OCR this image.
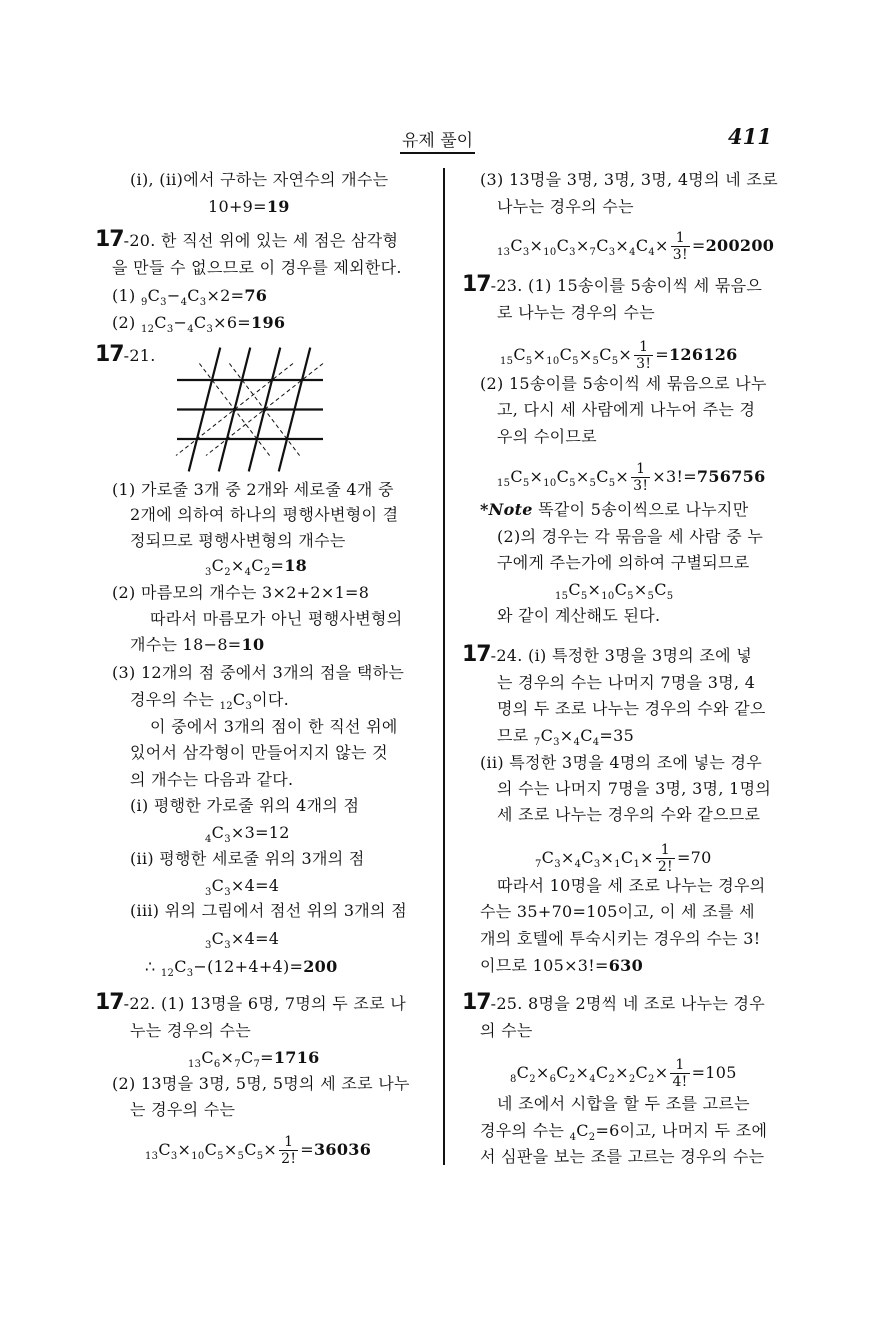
유제 풀이	411
(i), (ii)에서 구하는 자연수의 개수는
10+9=19
17-20. 한 직선 위에 있는 세 점은 삼각형
을 만들 수 없으므로 이 경우를 제외한다.
(1) $_9C_3-_4C_3\times 2=76$
(2) $_{12}C_3-_4C_3\times 6=196$
17-21.
(1) 가로줄 3개 중 2개와 세로줄 4개 중
2개에 의하여 하나의 평행사변형이 결
정되므로 평행사변형의 개수는
$_3C_2\times_4C_2=18$
(2) 마름모의 개수는 3×2+2×1=8
따라서 마름모가 아닌 평행사변형의
개수는 18−8=10
(3) 12개의 점 중에서 3개의 점을 택하는
경우의 수는 $_{12}C_3$이다.
이 중에서 3개의 점이 한 직선 위에
있어서 삼각형이 만들어지지 않는 것
의 개수는 다음과 같다.
(i) 평행한 가로줄 위의 4개의 점
$_4C_3\times 3=12$
(ii) 평행한 세로줄 위의 3개의 점
$_3C_3\times 4=4$
(iii) 위의 그림에서 점선 위의 3개의 점
$_3C_3\times 4=4$
∴ $_{12}C_3-(12+4+4)=200$
17-22. (1) 13명을 6명, 7명의 두 조로 나
누는 경우의 수는
$_{13}C_6\times_7C_7=1716$
(2) 13명을 3명, 5명, 5명의 세 조로 나누
는 경우의 수는
$_{13}C_3\times_{10}C_5\times_5C_5\times \frac{1}{2!} =36036$
(3) 13명을 3명, 3명, 3명, 4명의 네 조로
나누는 경우의 수는
$_{13}C_3\times_{10}C_3\times_7C_3\times_4C_4\times \frac{1}{3!} =200200$
17-23. (1) 15송이를 5송이씩 세 묶음으
로 나누는 경우의 수는
$_{15}C_5\times_{10}C_5\times_5C_5\times \frac{1}{3!} =126126$
(2) 15송이를 5송이씩 세 묶음으로 나누
고, 다시 세 사람에게 나누어 주는 경
우의 수이므로
$_{15}C_5\times_{10}C_5\times_5C_5\times \frac{1}{3!} \times 3!=756756$
*Note 똑같이 5송이씩으로 나누지만
(2)의 경우는 각 묶음을 세 사람 중 누
구에게 주는가에 의하여 구별되므로
$_{15}C_5\times_{10}C_5\times_5C_5$
와 같이 계산해도 된다.
17-24. (i) 특정한 3명을 3명의 조에 넣
는 경우의 수는 나머지 7명을 3명, 4
명의 두 조로 나누는 경우의 수와 같으
므로 $_7C_3\times_4C_4=35$
(ii) 특정한 3명을 4명의 조에 넣는 경우
의 수는 나머지 7명을 3명, 3명, 1명의
세 조로 나누는 경우의 수와 같으므로
$_7C_3\times_4C_3\times_1C_1\times \frac{1}{2!} =70$
따라서 10명을 세 조로 나누는 경우의
수는 35+70=105이고, 이 세 조를 세
개의 호텔에 투숙시키는 경우의 수는 3!
이므로 105×3!=630
17-25. 8명을 2명씩 네 조로 나누는 경우
의 수는
$_8C_2\times_6C_2\times_4C_2\times_2C_2\times \frac{1}{4!} =105$
네 조에서 시합을 할 두 조를 고르는
경우의 수는 $_4C_2=6$이고, 나머지 두 조에
서 심판을 보는 조를 고르는 경우의 수는
